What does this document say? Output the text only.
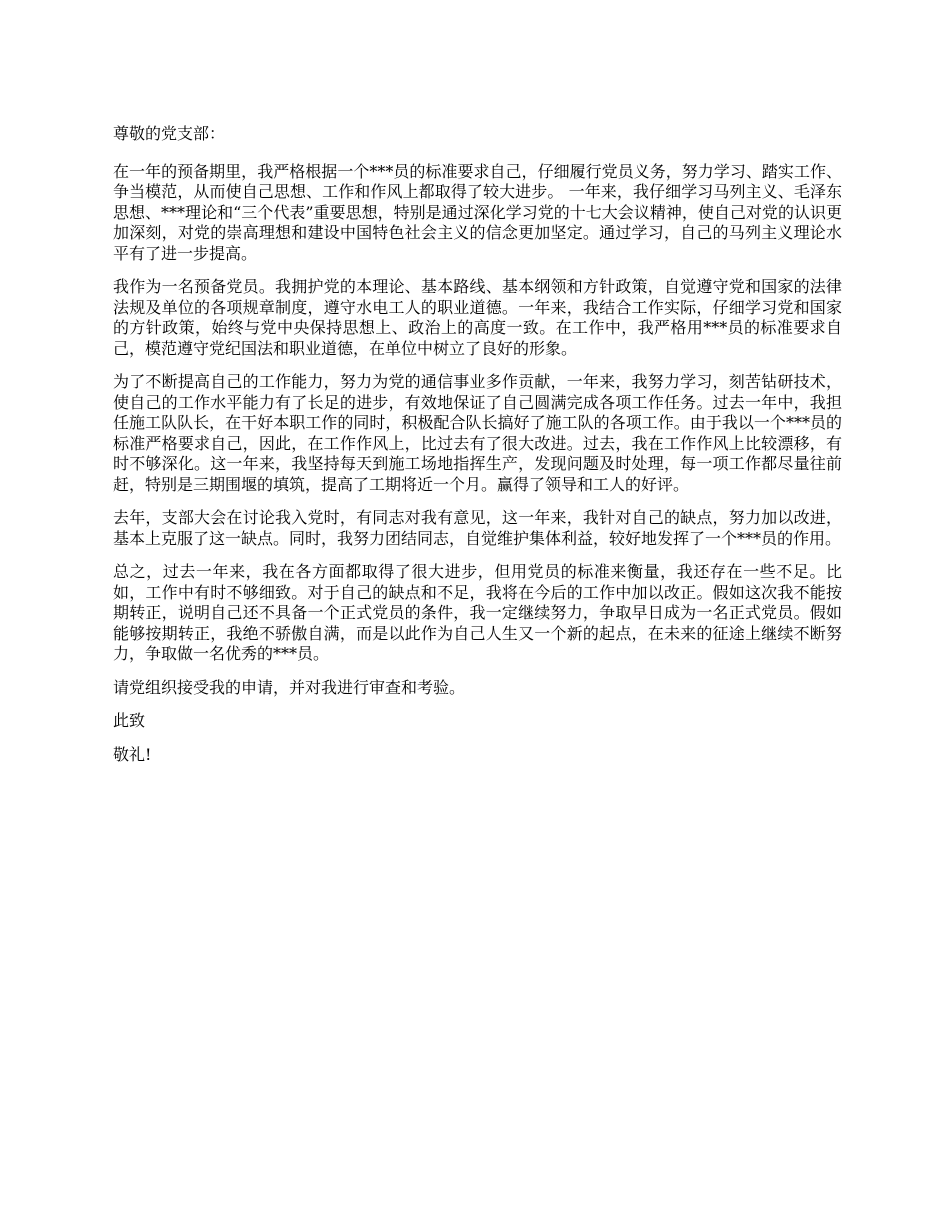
尊敬的党支部：

在一年的预备期里，我严格根据一个***员的标准要求自己，仔细履行党员义务，努力学习、踏实工作、争当模范，从而使自己思想、工作和作风上都取得了较大进步。 一年来，我仔细学习马列主义、毛泽东思想、***理论和“三个代表”重要思想，特别是通过深化学习党的十七大会议精神，使自己对党的认识更加深刻，对党的崇高理想和建设中国特色社会主义的信念更加坚定。通过学习，自己的马列主义理论水平有了进一步提高。

我作为一名预备党员。我拥护党的本理论、基本路线、基本纲领和方针政策，自觉遵守党和国家的法律法规及单位的各项规章制度，遵守水电工人的职业道德。一年来，我结合工作实际，仔细学习党和国家的方针政策，始终与党中央保持思想上、政治上的高度一致。在工作中，我严格用***员的标准要求自己，模范遵守党纪国法和职业道德，在单位中树立了良好的形象。

为了不断提高自己的工作能力，努力为党的通信事业多作贡献，一年来，我努力学习，刻苦钻研技术，使自己的工作水平能力有了长足的进步，有效地保证了自己圆满完成各项工作任务。过去一年中，我担任施工队队长，在干好本职工作的同时，积极配合队长搞好了施工队的各项工作。由于我以一个***员的标准严格要求自己，因此，在工作作风上，比过去有了很大改进。过去，我在工作作风上比较漂移，有时不够深化。这一年来，我坚持每天到施工场地指挥生产，发现问题及时处理，每一项工作都尽量往前赶，特别是三期围堰的填筑，提高了工期将近一个月。赢得了领导和工人的好评。

去年，支部大会在讨论我入党时，有同志对我有意见，这一年来，我针对自己的缺点，努力加以改进，基本上克服了这一缺点。同时，我努力团结同志，自觉维护集体利益，较好地发挥了一个***员的作用。

总之，过去一年来，我在各方面都取得了很大进步，但用党员的标准来衡量，我还存在一些不足。比如，工作中有时不够细致。对于自己的缺点和不足，我将在今后的工作中加以改正。假如这次我不能按期转正，说明自己还不具备一个正式党员的条件，我一定继续努力，争取早日成为一名正式党员。假如能够按期转正，我绝不骄傲自满，而是以此作为自己人生又一个新的起点，在未来的征途上继续不断努力，争取做一名优秀的***员。

请党组织接受我的申请，并对我进行审查和考验。

此致

敬礼!
